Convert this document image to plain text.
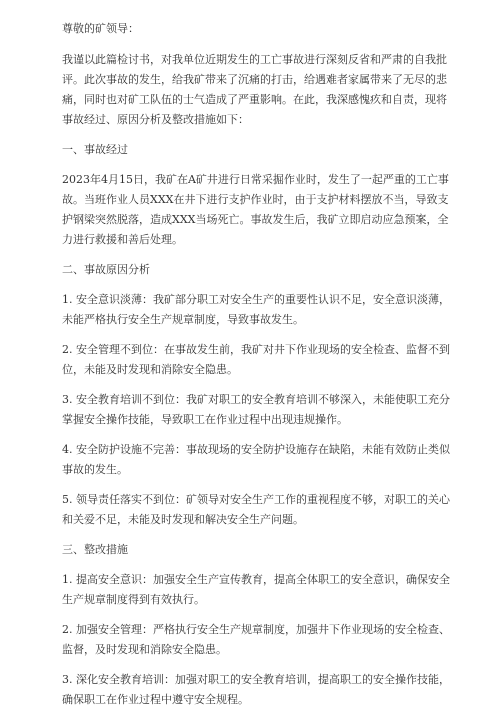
尊敬的矿领导：

我谨以此篇检讨书，对我单位近期发生的工亡事故进行深刻反省和严肃的自我批评。此次事故的发生，给我矿带来了沉痛的打击，给遇难者家属带来了无尽的悲痛，同时也对矿工队伍的士气造成了严重影响。在此，我深感愧疚和自责，现将事故经过、原因分析及整改措施如下：

一、事故经过

2023年4月15日，我矿在A矿井进行日常采掘作业时，发生了一起严重的工亡事故。当班作业人员XXX在井下进行支护作业时，由于支护材料摆放不当，导致支护钢梁突然脱落，造成XXX当场死亡。事故发生后，我矿立即启动应急预案，全力进行救援和善后处理。

二、事故原因分析

1. 安全意识淡薄：我矿部分职工对安全生产的重要性认识不足，安全意识淡薄，未能严格执行安全生产规章制度，导致事故发生。

2. 安全管理不到位：在事故发生前，我矿对井下作业现场的安全检查、监督不到位，未能及时发现和消除安全隐患。

3. 安全教育培训不到位：我矿对职工的安全教育培训不够深入，未能使职工充分掌握安全操作技能，导致职工在作业过程中出现违规操作。

4. 安全防护设施不完善：事故现场的安全防护设施存在缺陷，未能有效防止类似事故的发生。

5. 领导责任落实不到位：矿领导对安全生产工作的重视程度不够，对职工的关心和关爱不足，未能及时发现和解决安全生产问题。

三、整改措施

1. 提高安全意识：加强安全生产宣传教育，提高全体职工的安全意识，确保安全生产规章制度得到有效执行。

2. 加强安全管理：严格执行安全生产规章制度，加强井下作业现场的安全检查、监督，及时发现和消除安全隐患。

3. 深化安全教育培训：加强对职工的安全教育培训，提高职工的安全操作技能，确保职工在作业过程中遵守安全规程。
